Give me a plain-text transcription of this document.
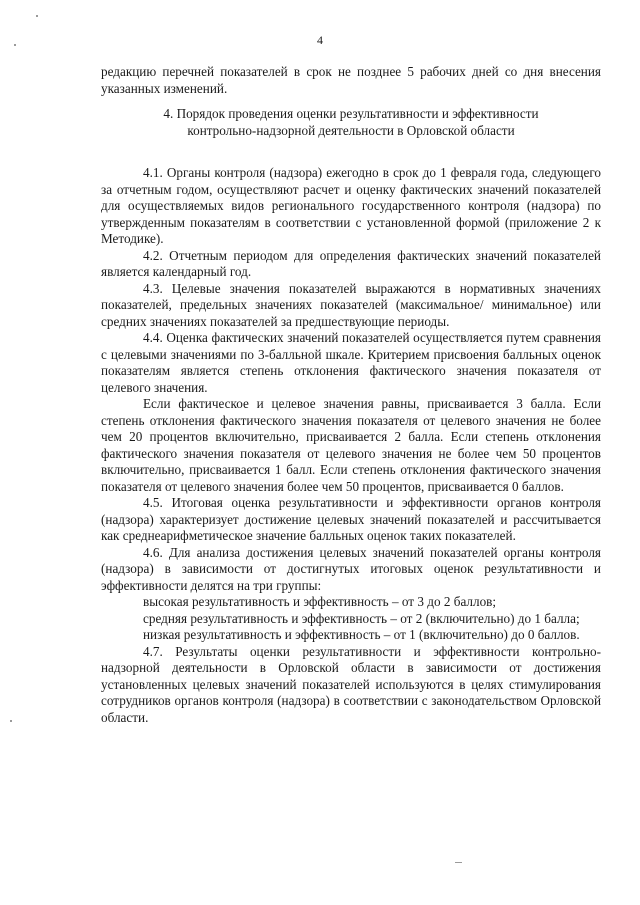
4

редакцию перечней показателей в срок не позднее 5 рабочих дней со дня внесения указанных изменений.

4. Порядок проведения оценки результативности и эффективности
контрольно-надзорной деятельности в Орловской области

4.1. Органы контроля (надзора) ежегодно в срок до 1 февраля года, следующего за отчетным годом, осуществляют расчет и оценку фактических значений показателей для осуществляемых видов регионального государственного контроля (надзора) по утвержденным показателям в соответствии с установленной формой (приложение 2 к Методике).

4.2. Отчетным периодом для определения фактических значений показателей является календарный год.

4.3. Целевые значения показателей выражаются в нормативных значениях показателей, предельных значениях показателей (максимальное/ минимальное) или средних значениях показателей за предшествующие периоды.

4.4. Оценка фактических значений показателей осуществляется путем сравнения с целевыми значениями по 3-балльной шкале. Критерием присвоения балльных оценок показателям является степень отклонения фактического значения показателя от целевого значения.

Если фактическое и целевое значения равны, присваивается 3 балла. Если степень отклонения фактического значения показателя от целевого значения не более чем 20 процентов включительно, присваивается 2 балла. Если степень отклонения фактического значения показателя от целевого значения не более чем 50 процентов включительно, присваивается 1 балл. Если степень отклонения фактического значения показателя от целевого значения более чем 50 процентов, присваивается 0 баллов.

4.5. Итоговая оценка результативности и эффективности органов контроля (надзора) характеризует достижение целевых значений показателей и рассчитывается как среднеарифметическое значение балльных оценок таких показателей.

4.6. Для анализа достижения целевых значений показателей органы контроля (надзора) в зависимости от достигнутых итоговых оценок результативности и эффективности делятся на три группы:

высокая результативность и эффективность – от 3 до 2 баллов;

средняя результативность и эффективность – от 2 (включительно) до 1 балла;

низкая результативность и эффективность – от 1 (включительно) до 0 баллов.

4.7. Результаты оценки результативности и эффективности контрольно-надзорной деятельности в Орловской области в зависимости от достижения установленных целевых значений показателей используются в целях стимулирования сотрудников органов контроля (надзора) в соответствии с законодательством Орловской области.
